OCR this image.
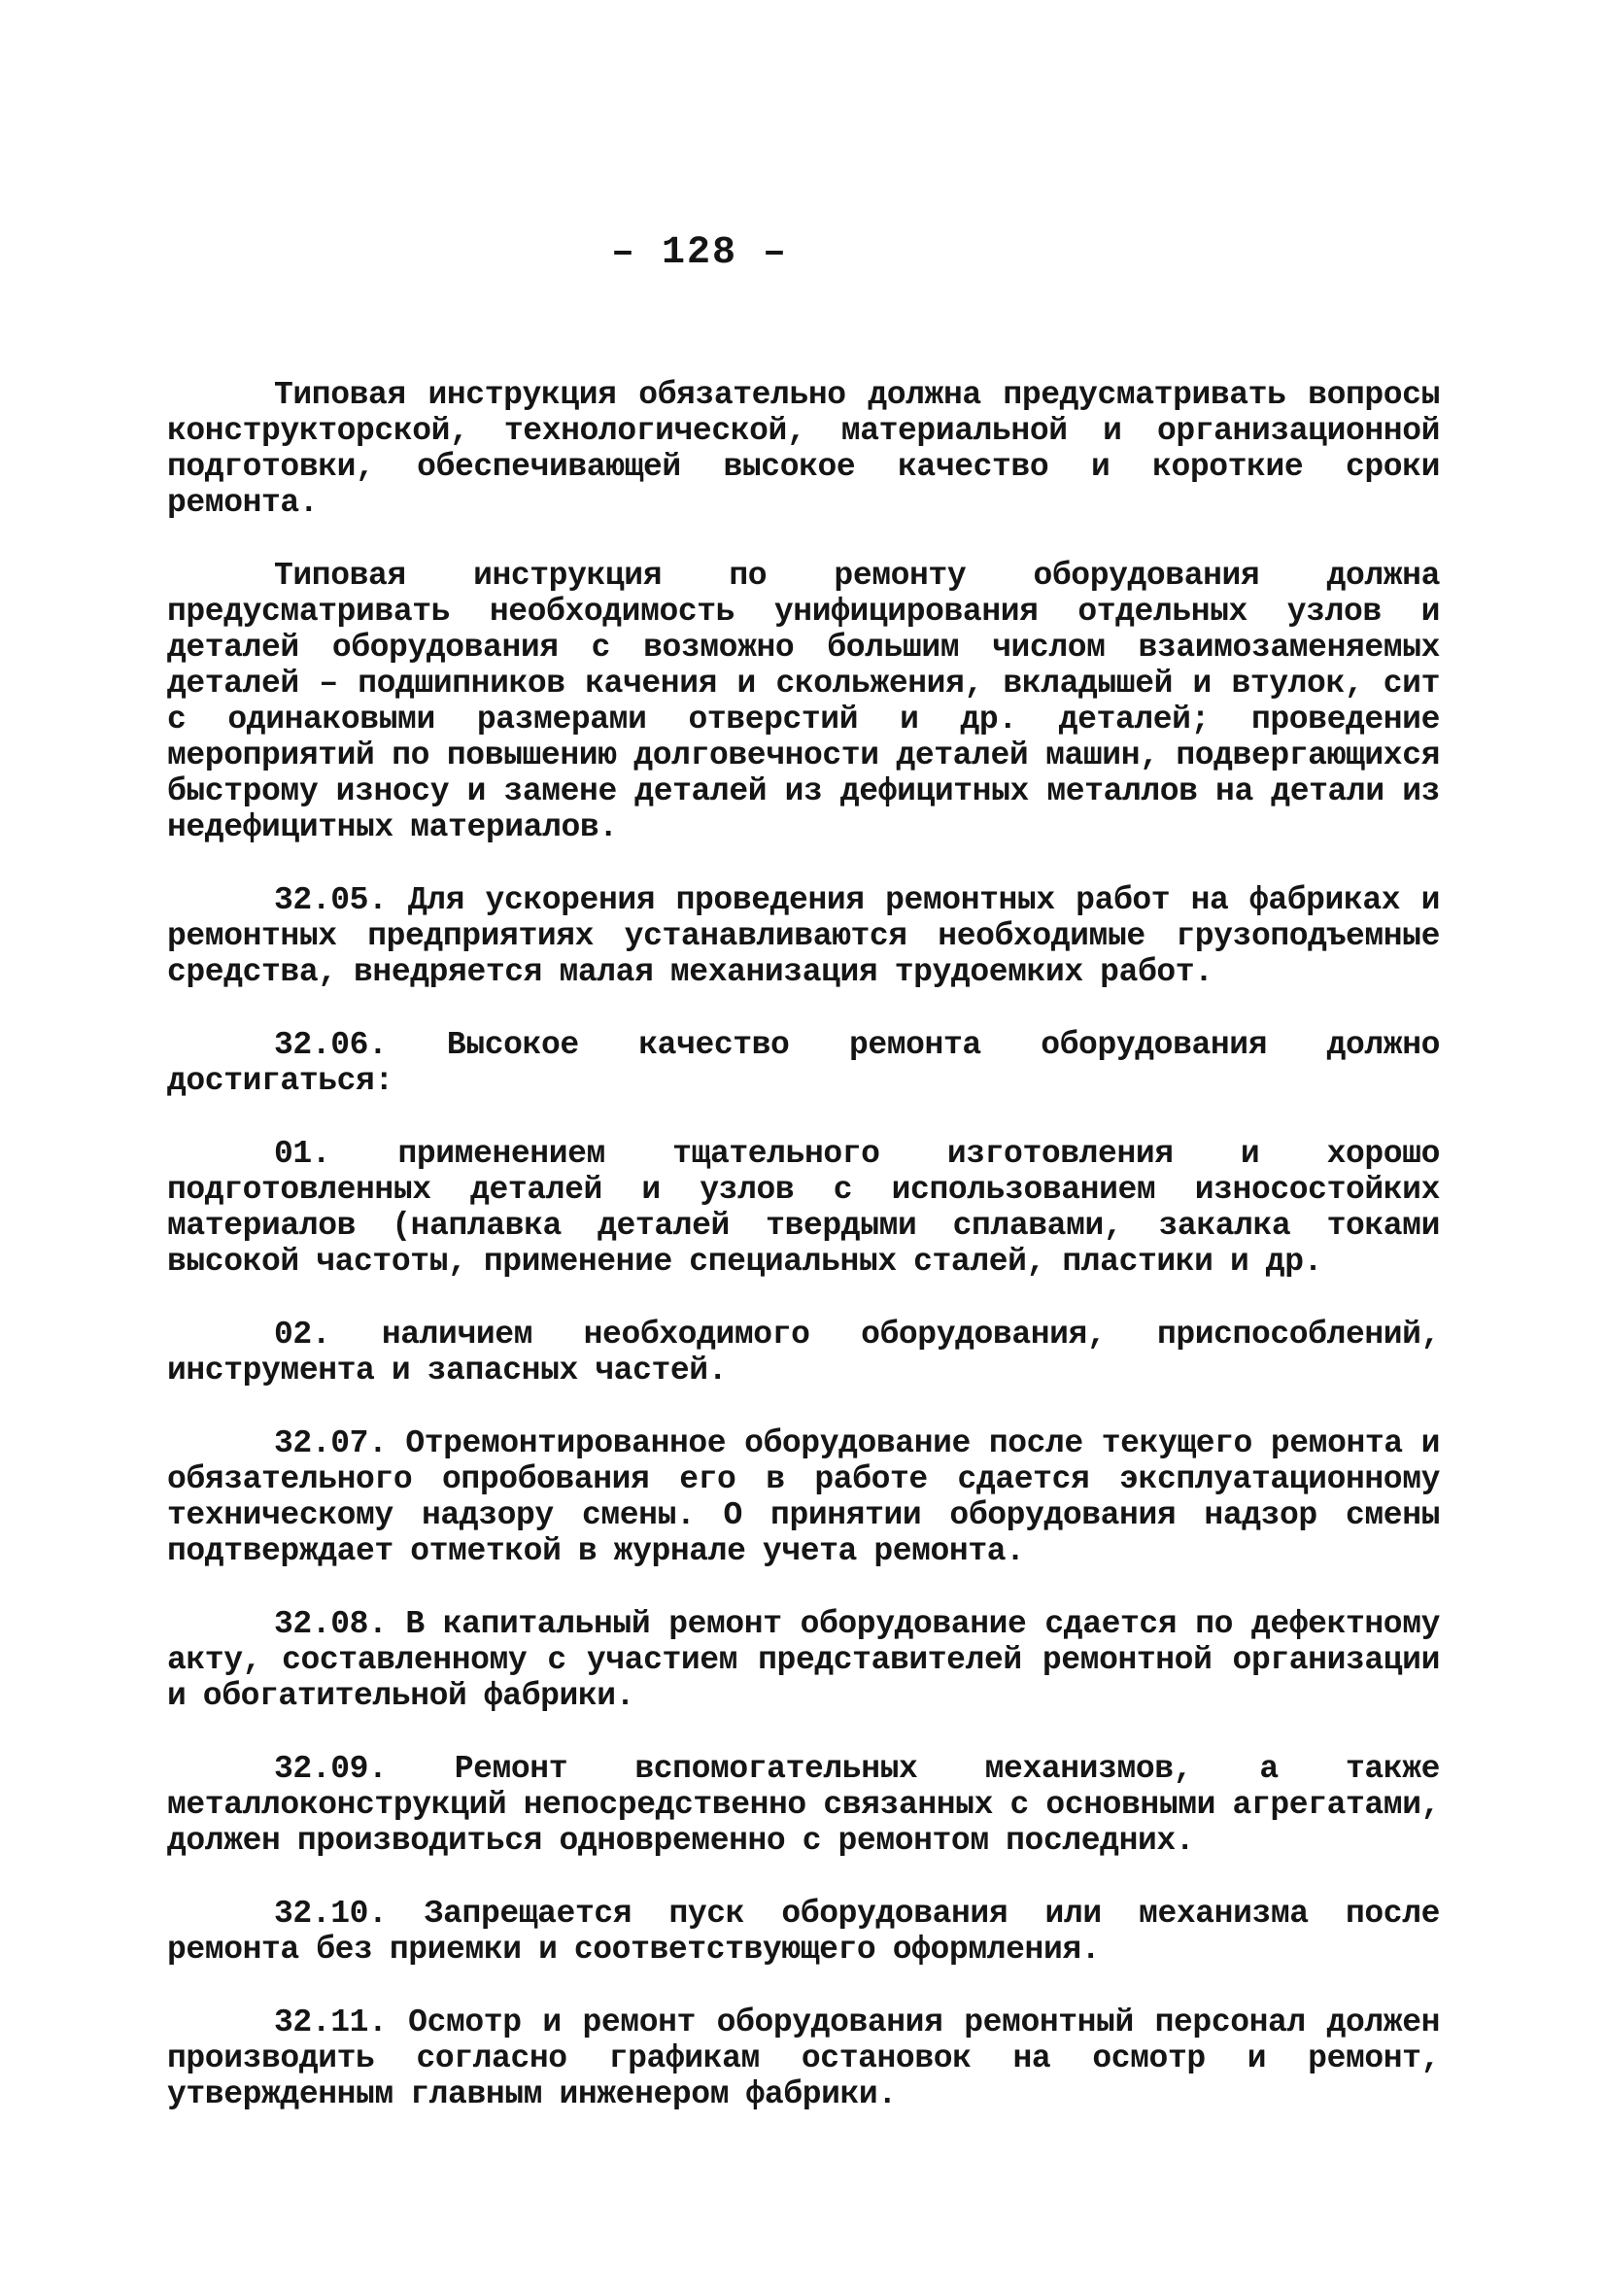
– 128 –

Типовая инструкция обязательно должна предусматривать вопросы конструкторской, технологической, материальной и организационной подготовки, обеспечивающей высокое качество и короткие сроки ремонта.

Типовая инструкция по ремонту оборудования должна предусматривать необходимость унифицирования отдельных узлов и деталей оборудования с возможно большим числом взаимозаменяемых деталей – подшипников качения и скольжения, вкладышей и втулок, сит с одинаковыми размерами отверстий и др. деталей; проведение мероприятий по повышению долговечности деталей машин, подвергающихся быстрому износу и замене деталей из дефицитных металлов на детали из недефицитных материалов.

32.05. Для ускорения проведения ремонтных работ на фабриках и ремонтных предприятиях устанавливаются необходимые грузоподъемные средства, внедряется малая механизация трудоемких работ.

32.06. Высокое качество ремонта оборудования должно достигаться:

01. применением тщательного изготовления и хорошо подготовленных деталей и узлов с использованием износостойких материалов (наплавка деталей твердыми сплавами, закалка токами высокой частоты, применение специальных сталей, пластики и др.

02. наличием необходимого оборудования, приспособлений, инструмента и запасных частей.

32.07. Отремонтированное оборудование после текущего ремонта и обязательного опробования его в работе сдается эксплуатационному техническому надзору смены. О принятии оборудования надзор смены подтверждает отметкой в журнале учета ремонта.

32.08. В капитальный ремонт оборудование сдается по дефектному акту, составленному с участием представителей ремонтной организации и обогатительной фабрики.

32.09. Ремонт вспомогательных механизмов, а также металлоконструкций непосредственно связанных с основными агрегатами, должен производиться одновременно с ремонтом последних.

32.10. Запрещается пуск оборудования или механизма после ремонта без приемки и соответствующего оформления.

32.11. Осмотр и ремонт оборудования ремонтный персонал должен производить согласно графикам остановок на осмотр и ремонт, утвержденным главным инженером фабрики.
